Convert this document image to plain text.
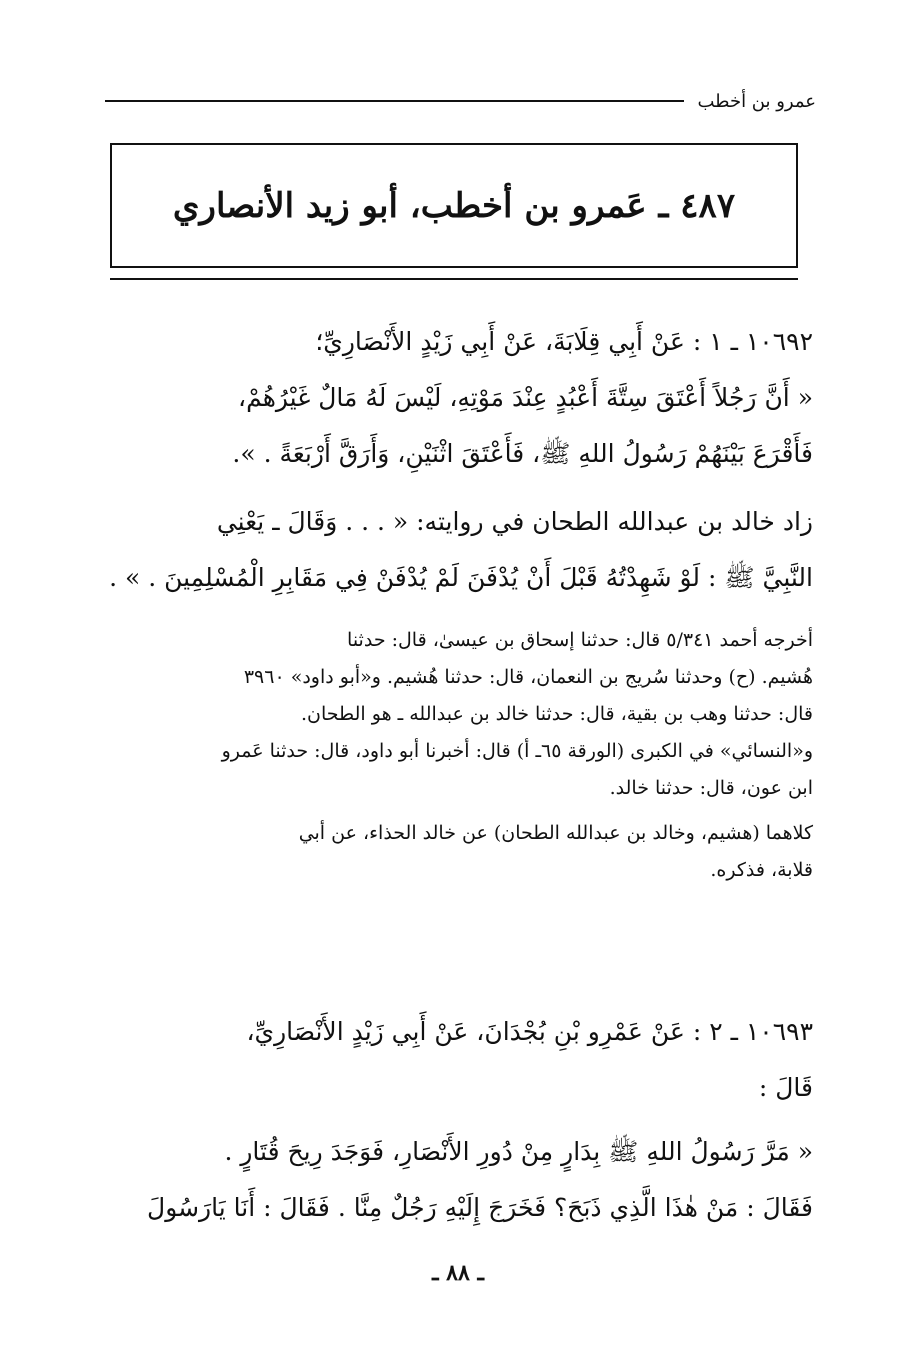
عمرو بن أخطب
٤٨٧ ـ عَمرو بن أخطب، أبو زيد الأنصاري

١٠٦٩٢ ـ ١ : عَنْ أَبِي قِلَابَةَ، عَنْ أَبِي زَيْدٍ الأَنْصَارِيِّ؛

« أَنَّ رَجُلاً أَعْتَقَ سِتَّةَ أَعْبُدٍ عِنْدَ مَوْتِهِ، لَيْسَ لَهُ مَالٌ غَيْرُهُمْ،

فَأَقْرَعَ بَيْنَهُمْ رَسُولُ اللهِ ﷺ، فَأَعْتَقَ اثْنَيْنِ، وَأَرَقَّ أَرْبَعَةً . ».

زاد خالد بن عبدالله الطحان في روايته: « . . . وَقَالَ ـ يَعْنِي

النَّبِيَّ ﷺ : لَوْ شَهِدْتُهُ قَبْلَ أَنْ يُدْفَنَ لَمْ يُدْفَنْ فِي مَقَابِرِ الْمُسْلِمِينَ . » .

أخرجه أحمد ٥/٣٤١ قال: حدثنا إسحاق بن عيسىٰ، قال: حدثنا

هُشيم. (ح) وحدثنا سُريج بن النعمان، قال: حدثنا هُشيم. و«أبو داود» ٣٩٦٠

قال: حدثنا وهب بن بقية، قال: حدثنا خالد بن عبدالله ـ هو الطحان.

و«النسائي» في الكبرى (الورقة ٦٥ـ أ) قال: أخبرنا أبو داود، قال: حدثنا عَمرو

ابن عون، قال: حدثنا خالد.

كلاهما (هشيم، وخالد بن عبدالله الطحان) عن خالد الحذاء، عن أبي

قلابة، فذكره.

١٠٦٩٣ ـ ٢ : عَنْ عَمْرِو بْنِ بُجْدَانَ، عَنْ أَبِي زَيْدٍ الأَنْصَارِيِّ،

قَالَ :

« مَرَّ رَسُولُ اللهِ ﷺ بِدَارٍ مِنْ دُورِ الأَنْصَارِ، فَوَجَدَ رِيحَ قُتَارٍ .

فَقَالَ : مَنْ هٰذَا الَّذِي ذَبَحَ؟ فَخَرَجَ إِلَيْهِ رَجُلٌ مِنَّا . فَقَالَ : أَنَا يَارَسُولَ

ـ ٨٨ ـ
